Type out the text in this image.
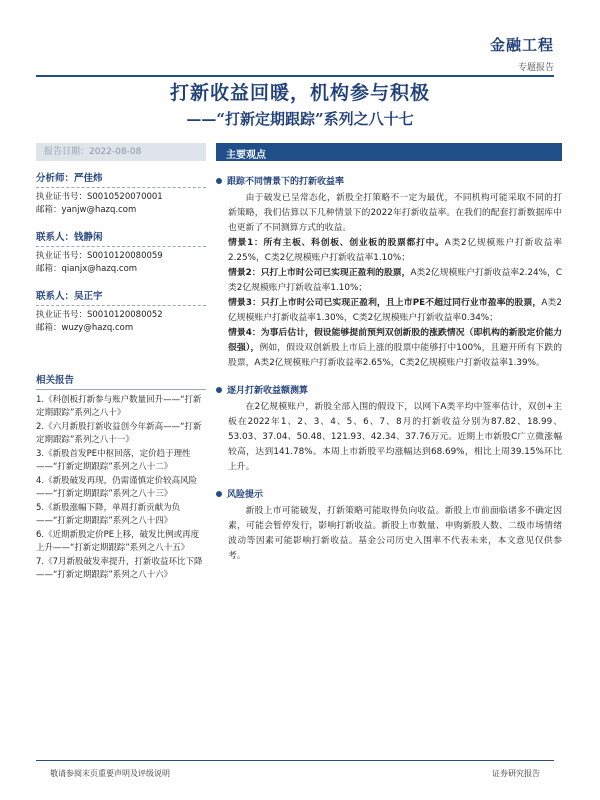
金融工程
专题报告
打新收益回暖，机构参与积极
——“打新定期跟踪”系列之八十七
报告日期：2022-08-08	主要观点
分析师：严佳炜
执业证书号：S0010520070001
邮箱：yanjw@hazq.com
联系人：钱静闲
执业证书号：S0010120080059
邮箱：qianjx@hazq.com
联系人：吴正宇
执业证书号：S0010120080052
邮箱：wuzy@hazq.com
相关报告
1.《科创板打新参与账户数量回升——“打新定期跟踪”系列之八十》
2.《六月新股打新收益创今年新高——“打新定期跟踪”系列之八十一》
3.《新股首发PE中枢回落，定价趋于理性——“打新定期跟踪”系列之八十二》
4.《新股破发再现，仍需谨慎定价较高风险——“打新定期跟踪”系列之八十三》
5.《新股涨幅下降，单周打新贡献为负——“打新定期跟踪”系列之八十四》
6.《近期新股定价PE上移，破发比例或再度上升——“打新定期跟踪”系列之八十五》
7.《7月新股破发率提升，打新收益环比下降——“打新定期跟踪”系列之八十六》
跟踪不同情景下的打新收益率

由于破发已呈常态化，新股全打策略不一定为最优，不同机构可能采取不同的打新策略，我们估算以下几种情景下的2022年打新收益率。在我们的配套打新数据库中也更新了不同测算方式的收益。

情景1：所有主板、科创板、创业板的股票都打中。A类2亿规模账户打新收益率2.25%，C类2亿规模账户打新收益率1.10%；

情景2：只打上市时公司已实现正盈利的股票，A类2亿规模账户打新收益率2.24%，C类2亿规模账户打新收益率1.10%；

情景3：只打上市时公司已实现正盈利，且上市PE不超过同行业市盈率的股票，A类2亿规模账户打新收益率1.30%，C类2亿规模账户打新收益率0.34%；

情景4：为事后估计，假设能够提前预判双创新股的涨跌情况（即机构的新股定价能力很强），例如，假设双创新股上市后上涨的股票中能够打中100%，且避开所有下跌的股票，A类2亿规模账户打新收益率2.65%，C类2亿规模账户打新收益率1.39%。

逐月打新收益额测算

在2亿规模账户，新股全部入围的假设下，以网下A类平均中签率估计，双创+主板在2022年1、2、3、4、5、6、7、8月的打新收益分别为87.82、18.99、53.03、37.04、50.48、121.93、42.34、37.76万元。近期上市新股C广立微涨幅较高，达到141.78%。本周上市新股平均涨幅达到68.69%，相比上周39.15%环比上升。

风险提示

新股上市可能破发，打新策略可能取得负向收益。新股上市前面临诸多不确定因素，可能会暂停发行，影响打新收益。新股上市数量、申购新股人数、二级市场情绪波动等因素可能影响打新收益。基金公司历史入围率不代表未来，本文意见仅供参考。

敬请参阅末页重要声明及评级说明	证券研究报告
